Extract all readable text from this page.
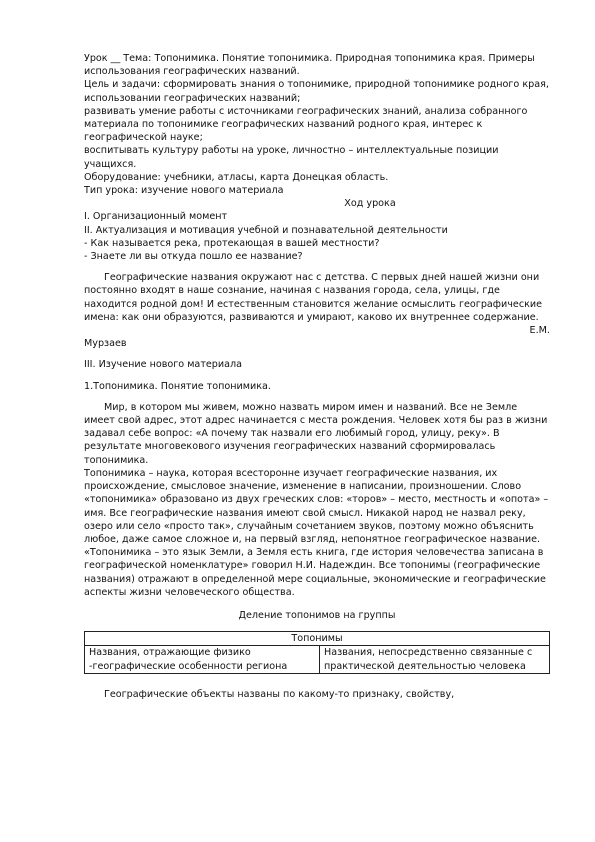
Урок __ Тема: Топонимика. Понятие топонимика. Природная топонимика края. Примеры использования географических названий.

Цель и задачи: сформировать знания о топонимике, природной топонимике родного края, использовании географических названий;

развивать умение работы с источниками географических знаний, анализа собранного материала по топонимике географических названий родного края, интерес к географической науке;

воспитывать культуру работы на уроке, личностно – интеллектуальные позиции учащихся.

Оборудование: учебники, атласы, карта Донецкая область.

Тип урока: изучение нового материала

Ход урока

I. Организационный момент

II. Актуализация и мотивация учебной и познавательной деятельности

- Как называется река, протекающая в вашей местности?

- Знаете ли вы откуда пошло ее название?

Географические названия окружают нас с детства. С первых дней нашей жизни они постоянно входят в наше сознание, начиная с названия города, села, улицы, где находится родной дом! И естественным становится желание осмыслить географические имена: как они образуются, развиваются и умирают, каково их внутреннее содержание.

Е.М.

Мурзаев

III. Изучение нового материала

1.Топонимика. Понятие топонимика.

Мир, в котором мы живем, можно назвать миром имен и названий. Все не Земле имеет свой адрес, этот адрес начинается с места рождения. Человек хотя бы раз в жизни задавал себе вопрос: «А почему так назвали его любимый город, улицу, реку». В результате многовекового изучения географических названий сформировалась топонимика.

Топонимика – наука, которая всесторонне изучает географические названия, их происхождение, смысловое значение, изменение в написании, произношении. Слово «топонимика» образовано из двух греческих слов: «торов» – место, местность и «опота» – имя. Все географические названия имеют свой смысл. Никакой народ не назвал реку, озеро или село «просто так», случайным сочетанием звуков, поэтому можно объяснить любое, даже самое сложное и, на первый взгляд, непонятное географическое название. «Топонимика – это язык Земли, а Земля есть книга, где история человечества записана в географической номенклатуре» говорил Н.И. Надеждин. Все топонимы (географические названия) отражают в определенной мере социальные, экономические и географические аспекты жизни человеческого общества.

Деление топонимов на группы

Топонимы
Названия, отражающие физико -географические особенности региона	Названия, непосредственно связанные с практической деятельностью человека

Географические объекты названы по какому-то признаку, свойству,
